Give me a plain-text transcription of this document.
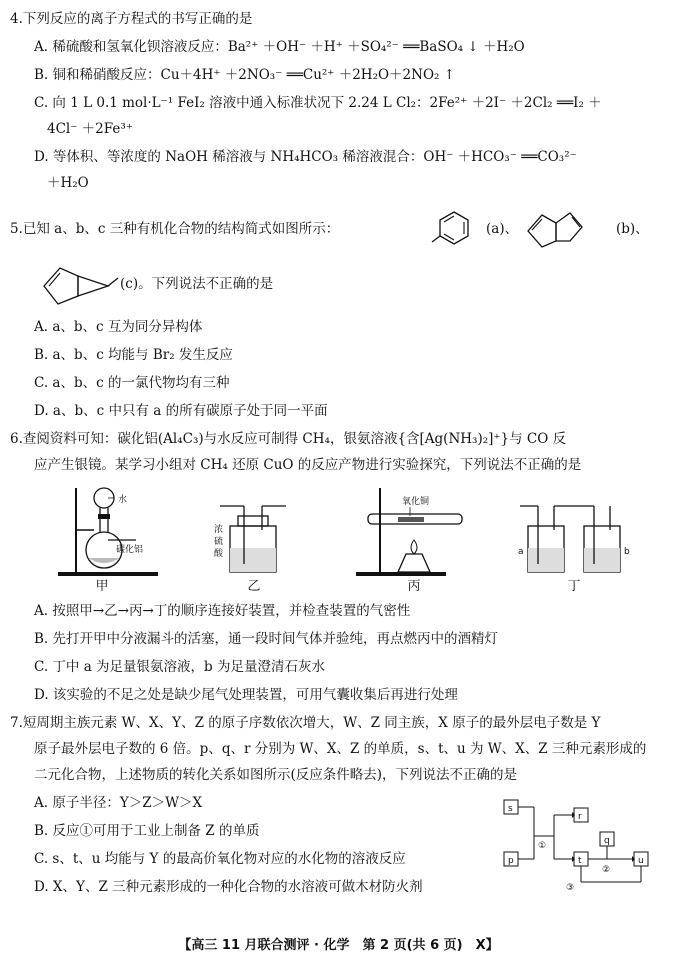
4.下列反应的离子方程式的书写正确的是
A. 稀硫酸和氢氧化钡溶液反应：Ba²⁺ ＋OH⁻ ＋H⁺ ＋SO₄²⁻ ══BaSO₄ ↓ ＋H₂O
B. 铜和稀硝酸反应：Cu＋4H⁺ ＋2NO₃⁻ ══Cu²⁺ ＋2H₂O＋2NO₂ ↑
C. 向 1 L 0.1 mol·L⁻¹ FeI₂ 溶液中通入标准状况下 2.24 L Cl₂：2Fe²⁺ ＋2I⁻ ＋2Cl₂ ══I₂ ＋
4Cl⁻ ＋2Fe³⁺
D. 等体积、等浓度的 NaOH 稀溶液与 NH₄HCO₃ 稀溶液混合：OH⁻ ＋HCO₃⁻ ══CO₃²⁻
＋H₂O
5.已知 a、b、c 三种有机化合物的结构简式如图所示：	(a)、	(b)、
(c)。下列说法不正确的是
A. a、b、c 互为同分异构体
B. a、b、c 均能与 Br₂ 发生反应
C. a、b、c 的一氯代物均有三种
D. a、b、c 中只有 a 的所有碳原子处于同一平面
6.查阅资料可知：碳化铝(Al₄C₃)与水反应可制得 CH₄，银氨溶液{含[Ag(NH₃)₂]⁺}与 CO 反
应产生银镜。某学习小组对 CH₄ 还原 CuO 的反应产物进行实验探究，下列说法不正确的是
水
碳化铝
甲
浓
硫
酸
乙
氧化铜
丙
a	b
丁
A. 按照甲→乙→丙→丁的顺序连接好装置，并检查装置的气密性
B. 先打开甲中分液漏斗的活塞，通一段时间气体并验纯，再点燃丙中的酒精灯
C. 丁中 a 为足量银氨溶液，b 为足量澄清石灰水
D. 该实验的不足之处是缺少尾气处理装置，可用气囊收集后再进行处理
7.短周期主族元素 W、X、Y、Z 的原子序数依次增大，W、Z 同主族，X 原子的最外层电子数是 Y
原子最外层电子数的 6 倍。p、q、r 分别为 W、X、Z 的单质，s、t、u 为 W、X、Z 三种元素形成的
二元化合物，上述物质的转化关系如图所示(反应条件略去)，下列说法不正确的是
A. 原子半径：Y＞Z＞W＞X
B. 反应①可用于工业上制备 Z 的单质
C. s、t、u 均能与 Y 的最高价氧化物对应的水化物的溶液反应
D. X、Y、Z 三种元素形成的一种化合物的水溶液可做木材防火剂
s
r
p	t
q
u
①
②
③
【高三 11 月联合测评 · 化学　第 2 页(共 6 页)　X】
